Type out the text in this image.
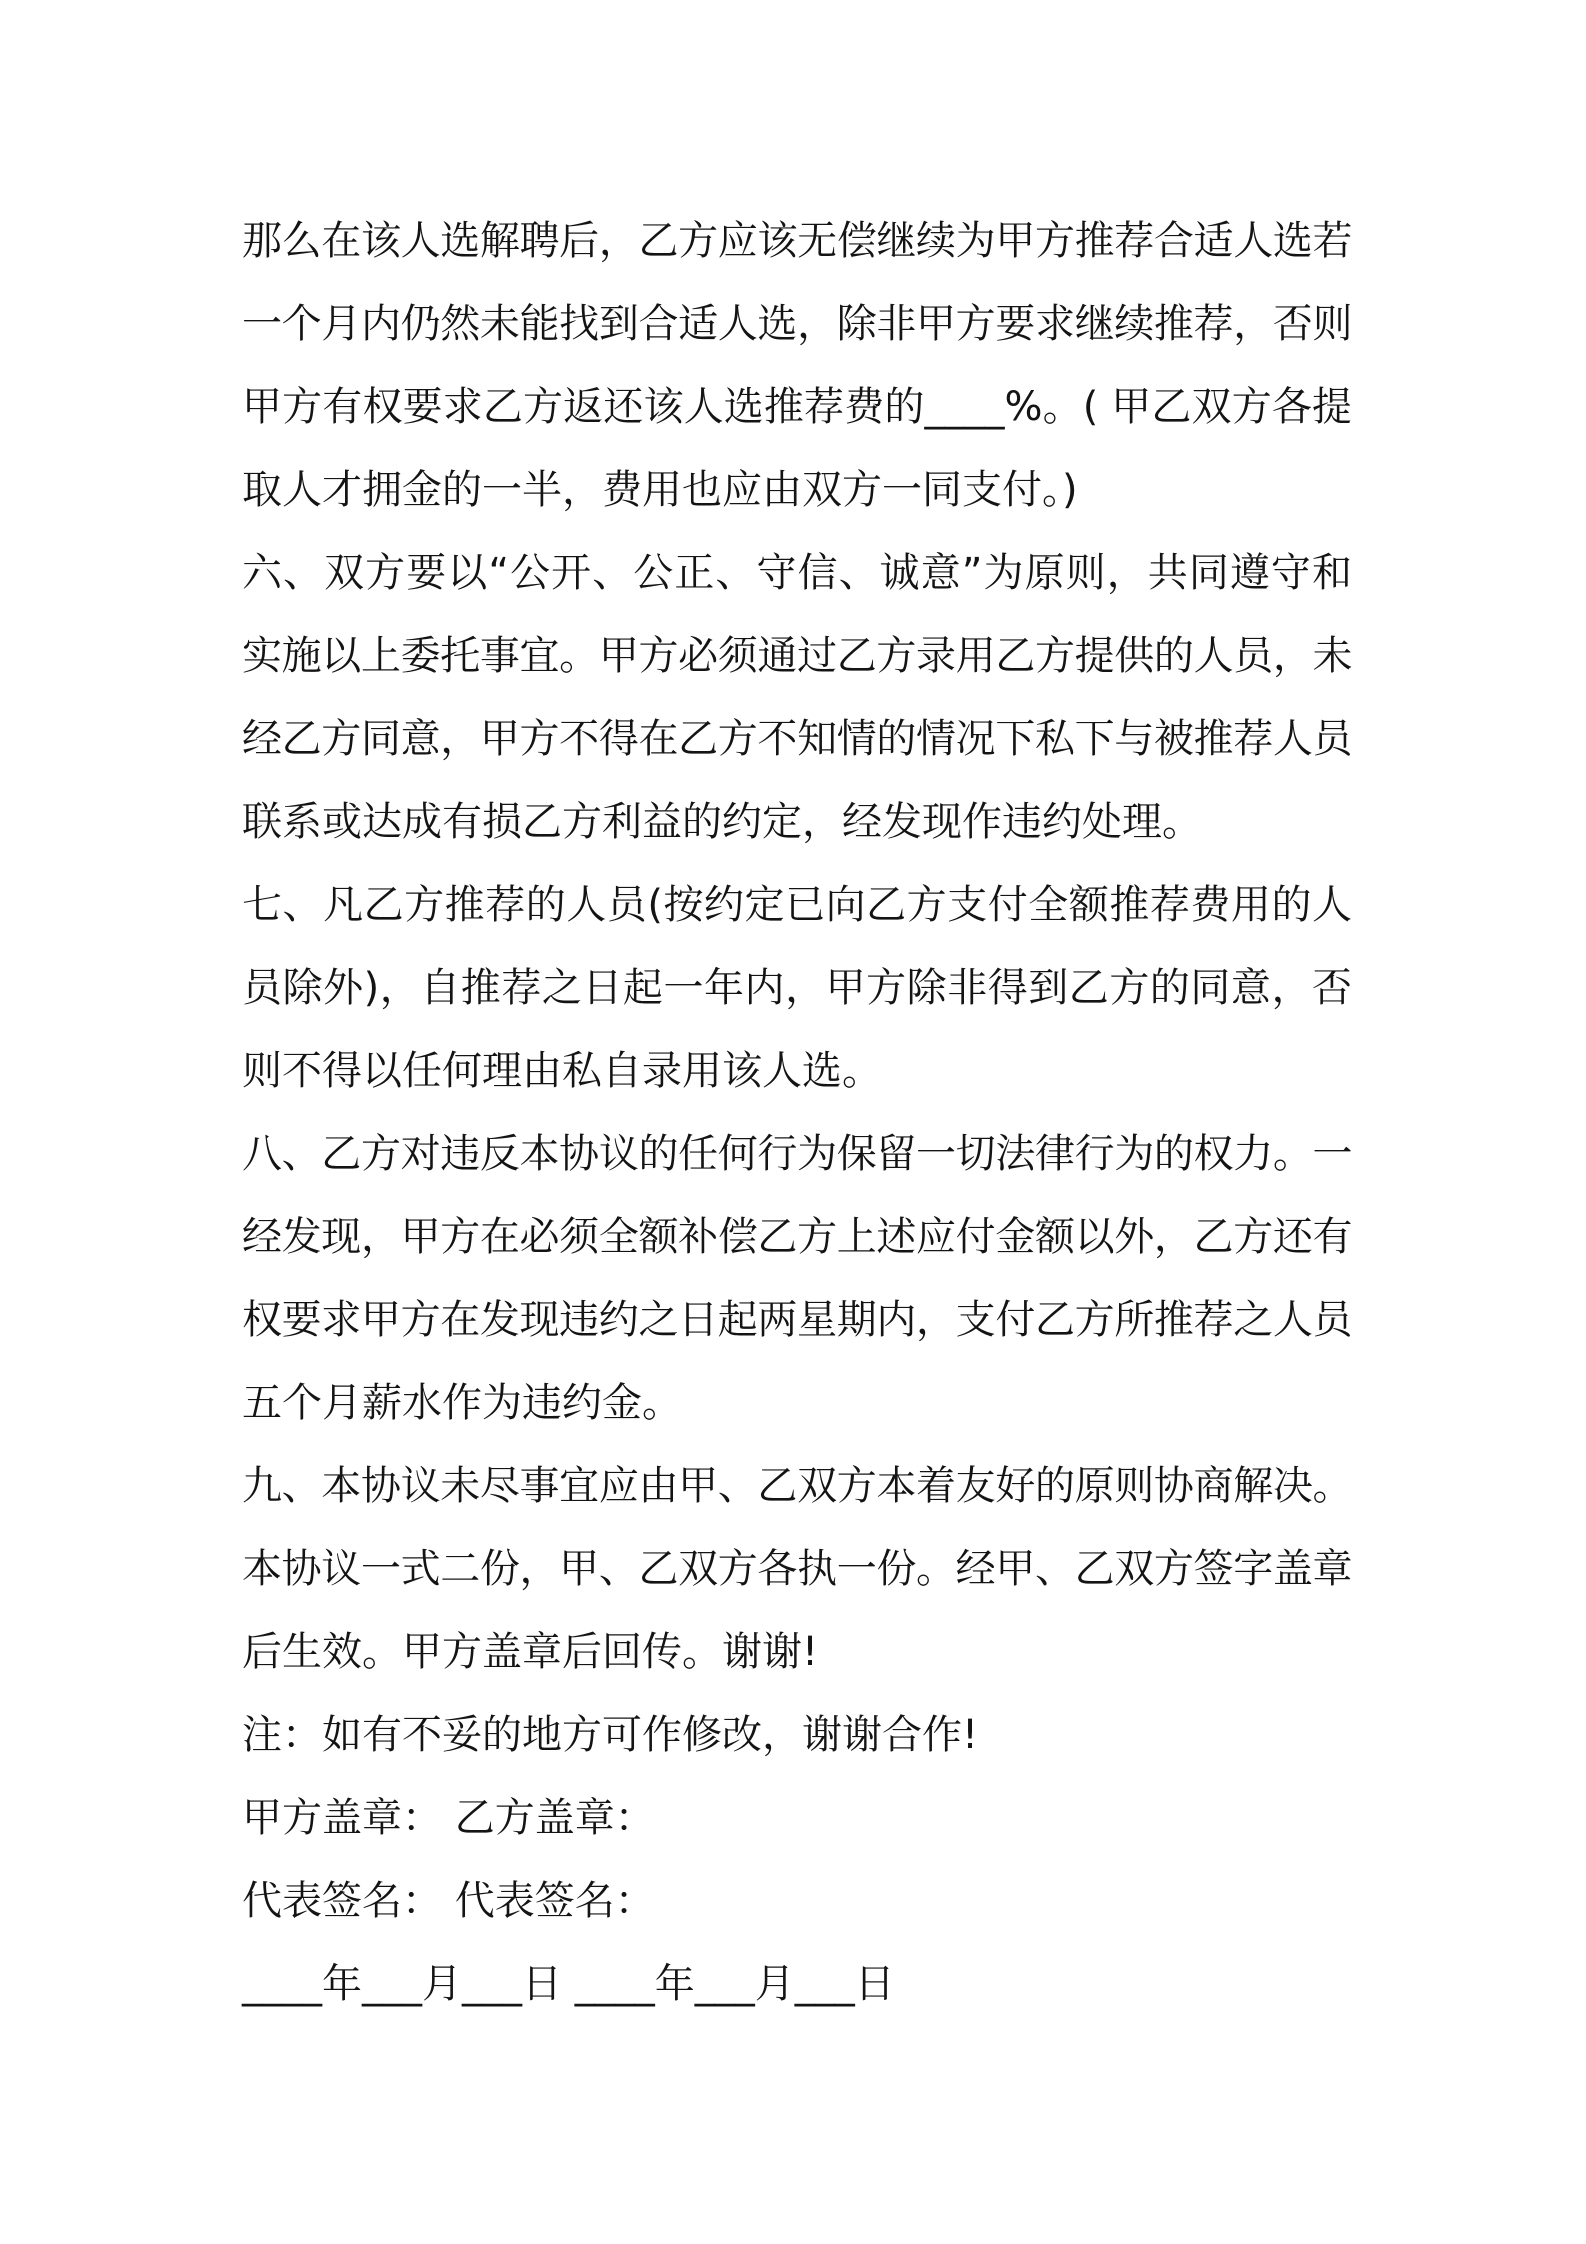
那么在该人选解聘后，乙方应该无偿继续为甲方推荐合适人选若
一个月内仍然未能找到合适人选，除非甲方要求继续推荐，否则
甲方有权要求乙方返还该人选推荐费的____%。( 甲乙双方各提
取人才拥金的一半，费用也应由双方一同支付。)
六、双方要以“公开、公正、守信、诚意”为原则，共同遵守和
实施以上委托事宜。甲方必须通过乙方录用乙方提供的人员，未
经乙方同意，甲方不得在乙方不知情的情况下私下与被推荐人员
联系或达成有损乙方利益的约定，经发现作违约处理。
七、凡乙方推荐的人员(按约定已向乙方支付全额推荐费用的人
员除外)，自推荐之日起一年内，甲方除非得到乙方的同意，否
则不得以任何理由私自录用该人选。
八、乙方对违反本协议的任何行为保留一切法律行为的权力。一
经发现，甲方在必须全额补偿乙方上述应付金额以外，乙方还有
权要求甲方在发现违约之日起两星期内，支付乙方所推荐之人员
五个月薪水作为违约金。
九、本协议未尽事宜应由甲、乙双方本着友好的原则协商解决。
本协议一式二份，甲、乙双方各执一份。经甲、乙双方签字盖章
后生效。甲方盖章后回传。谢谢!
注：如有不妥的地方可作修改，谢谢合作!
甲方盖章： 乙方盖章：
代表签名： 代表签名：
____年___月___日 ____年___月___日
